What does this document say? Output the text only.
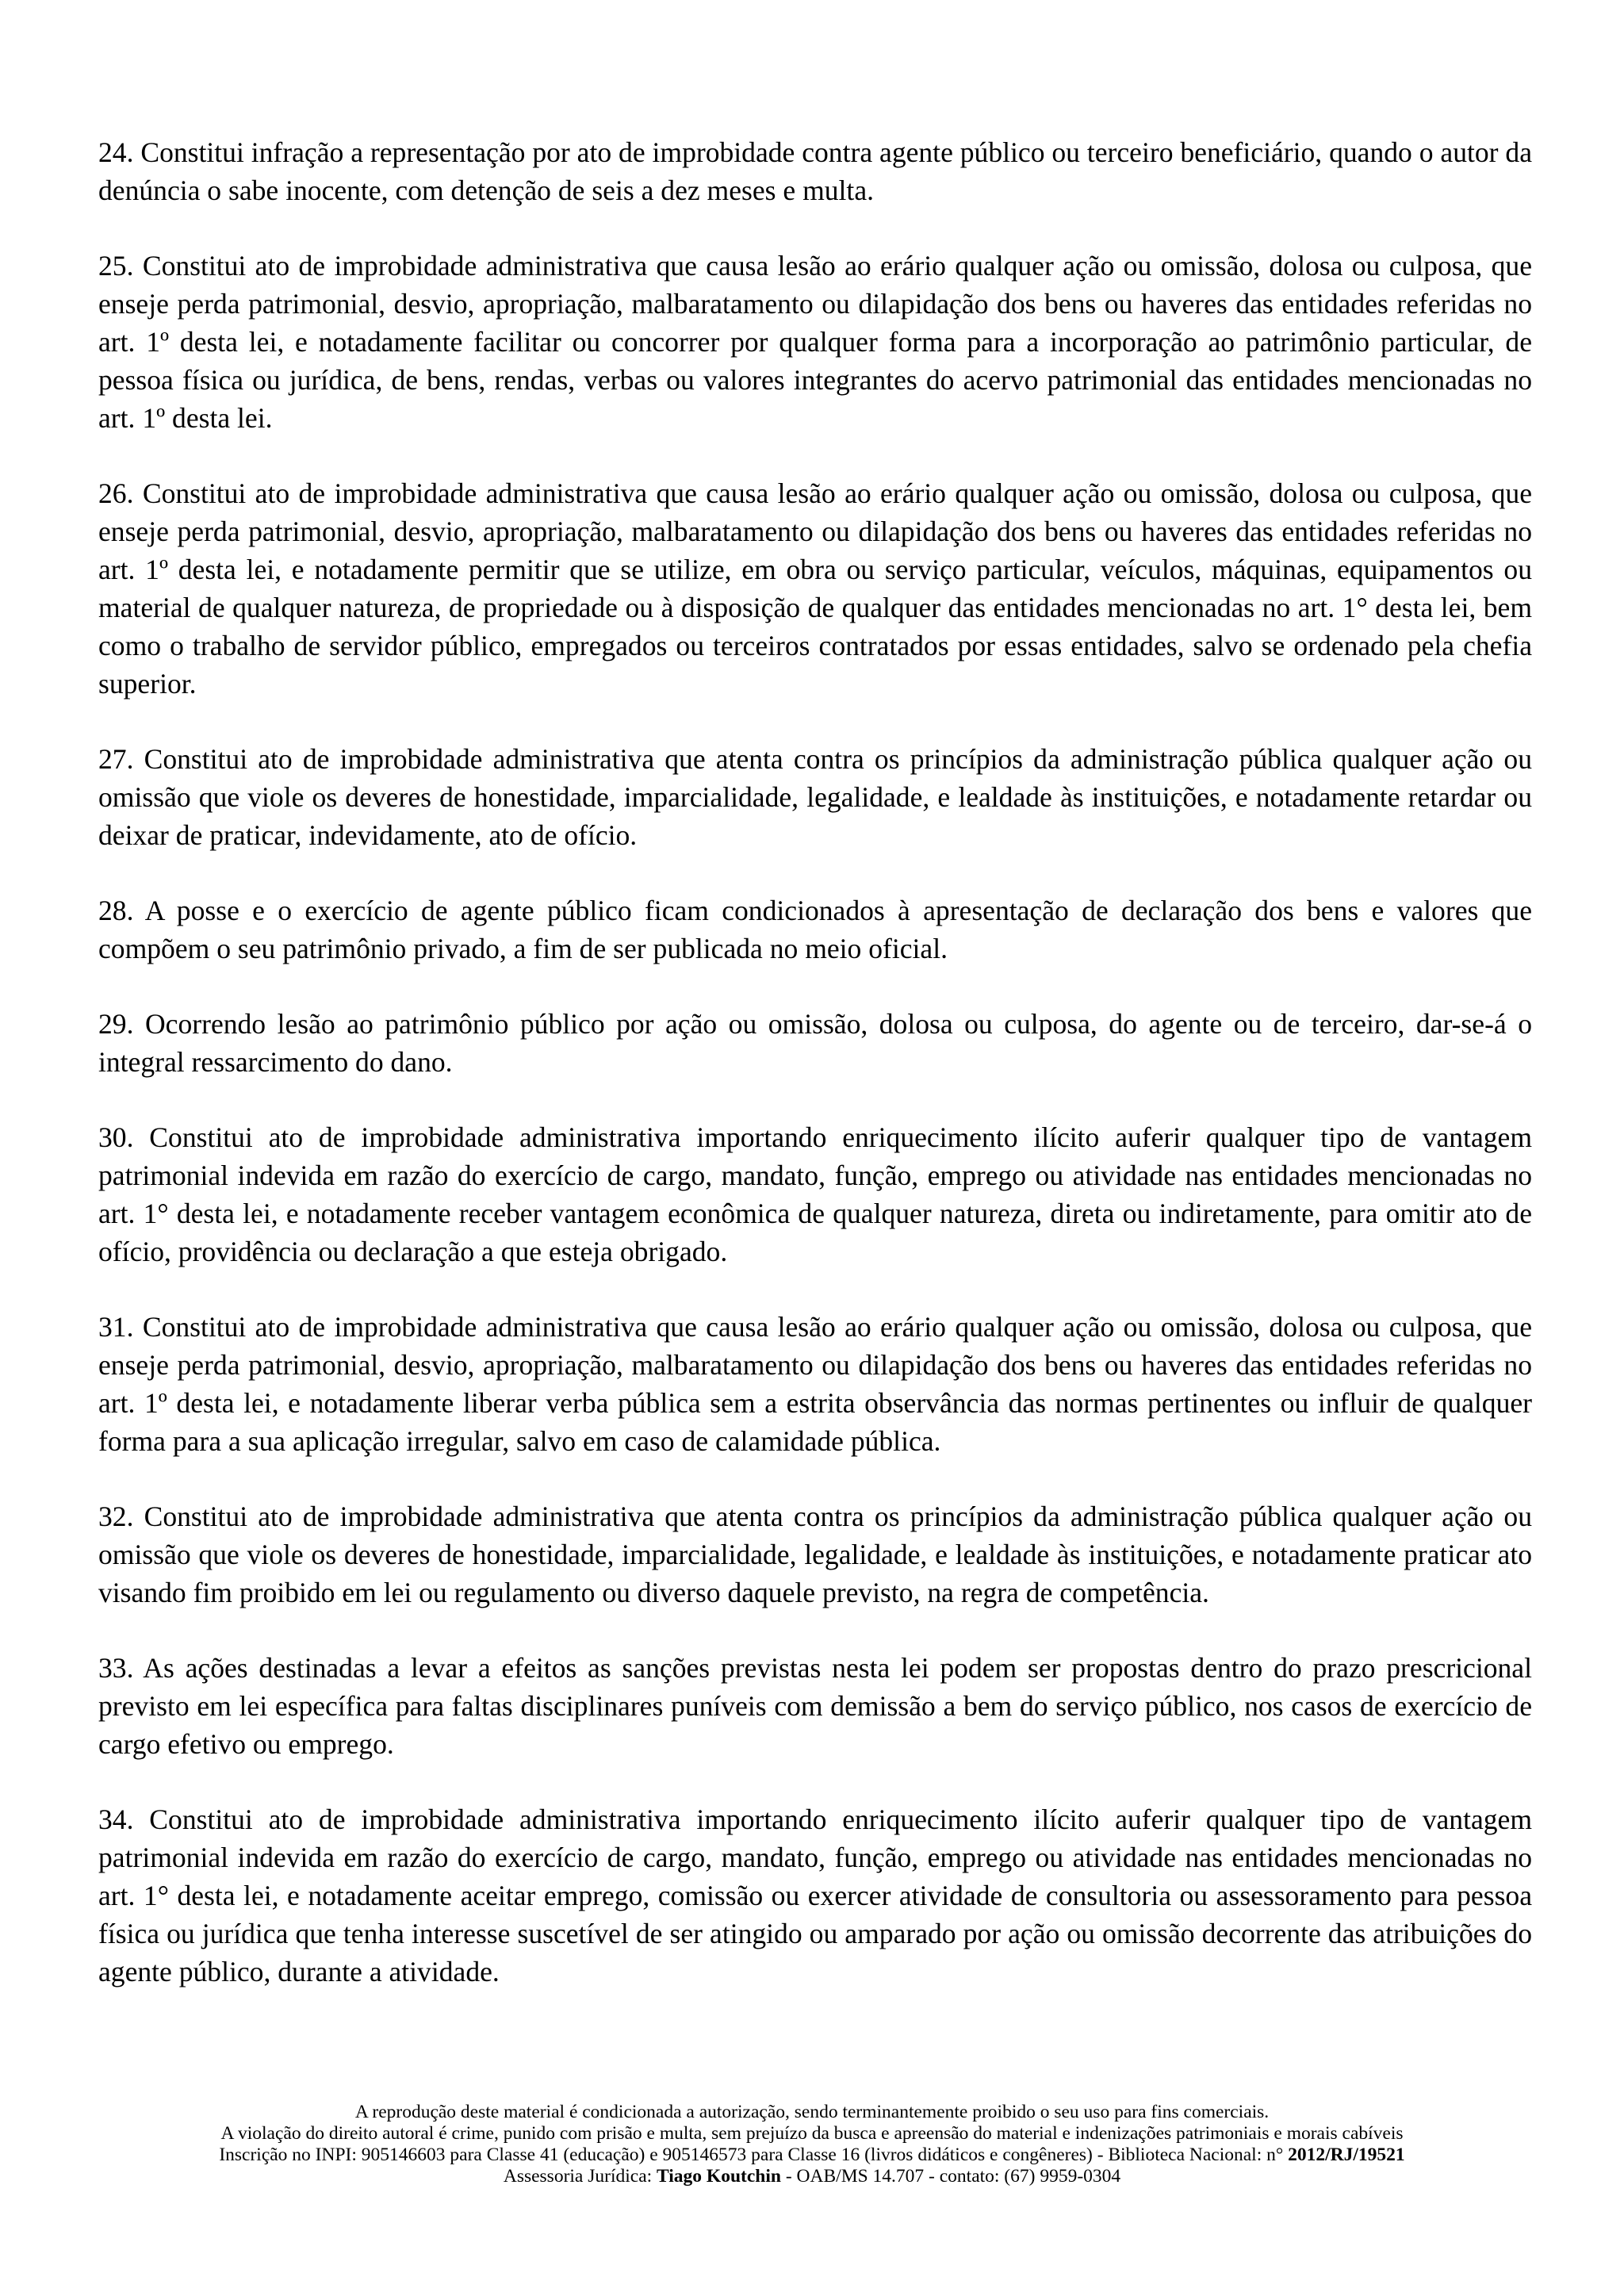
24. Constitui infração a representação por ato de improbidade contra agente público ou terceiro beneficiário, quando o autor da denúncia o sabe inocente, com detenção de seis a dez meses e multa.

25. Constitui ato de improbidade administrativa que causa lesão ao erário qualquer ação ou omissão, dolosa ou culposa, que enseje perda patrimonial, desvio, apropriação, malbaratamento ou dilapidação dos bens ou haveres das entidades referidas no art. 1º desta lei, e notadamente facilitar ou concorrer por qualquer forma para a incorporação ao patrimônio particular, de pessoa física ou jurídica, de bens, rendas, verbas ou valores integrantes do acervo patrimonial das entidades mencionadas no art. 1º desta lei.

26. Constitui ato de improbidade administrativa que causa lesão ao erário qualquer ação ou omissão, dolosa ou culposa, que enseje perda patrimonial, desvio, apropriação, malbaratamento ou dilapidação dos bens ou haveres das entidades referidas no art. 1º desta lei, e notadamente permitir que se utilize, em obra ou serviço particular, veículos, máquinas, equipamentos ou material de qualquer natureza, de propriedade ou à disposição de qualquer das entidades mencionadas no art. 1° desta lei, bem como o trabalho de servidor público, empregados ou terceiros contratados por essas entidades, salvo se ordenado pela chefia superior.

27. Constitui ato de improbidade administrativa que atenta contra os princípios da administração pública qualquer ação ou omissão que viole os deveres de honestidade, imparcialidade, legalidade, e lealdade às instituições, e notadamente retardar ou deixar de praticar, indevidamente, ato de ofício.

28. A posse e o exercício de agente público ficam condicionados à apresentação de declaração dos bens e valores que compõem o seu patrimônio privado, a fim de ser publicada no meio oficial.

29. Ocorrendo lesão ao patrimônio público por ação ou omissão, dolosa ou culposa, do agente ou de terceiro, dar-se-á o integral ressarcimento do dano.

30. Constitui ato de improbidade administrativa importando enriquecimento ilícito auferir qualquer tipo de vantagem patrimonial indevida em razão do exercício de cargo, mandato, função, emprego ou atividade nas entidades mencionadas no art. 1° desta lei, e notadamente receber vantagem econômica de qualquer natureza, direta ou indiretamente, para omitir ato de ofício, providência ou declaração a que esteja obrigado.

31. Constitui ato de improbidade administrativa que causa lesão ao erário qualquer ação ou omissão, dolosa ou culposa, que enseje perda patrimonial, desvio, apropriação, malbaratamento ou dilapidação dos bens ou haveres das entidades referidas no art. 1º desta lei, e notadamente liberar verba pública sem a estrita observância das normas pertinentes ou influir de qualquer forma para a sua aplicação irregular, salvo em caso de calamidade pública.

32. Constitui ato de improbidade administrativa que atenta contra os princípios da administração pública qualquer ação ou omissão que viole os deveres de honestidade, imparcialidade, legalidade, e lealdade às instituições, e notadamente praticar ato visando fim proibido em lei ou regulamento ou diverso daquele previsto, na regra de competência.

33. As ações destinadas a levar a efeitos as sanções previstas nesta lei podem ser propostas dentro do prazo prescricional previsto em lei específica para faltas disciplinares puníveis com demissão a bem do serviço público, nos casos de exercício de cargo efetivo ou emprego.

34. Constitui ato de improbidade administrativa importando enriquecimento ilícito auferir qualquer tipo de vantagem patrimonial indevida em razão do exercício de cargo, mandato, função, emprego ou atividade nas entidades mencionadas no art. 1° desta lei, e notadamente aceitar emprego, comissão ou exercer atividade de consultoria ou assessoramento para pessoa física ou jurídica que tenha interesse suscetível de ser atingido ou amparado por ação ou omissão decorrente das atribuições do agente público, durante a atividade.

A reprodução deste material é condicionada a autorização, sendo terminantemente proibido o seu uso para fins comerciais.
A violação do direito autoral é crime, punido com prisão e multa, sem prejuízo da busca e apreensão do material e indenizações patrimoniais e morais cabíveis
Inscrição no INPI: 905146603 para Classe 41 (educação) e 905146573 para Classe 16 (livros didáticos e congêneres) - Biblioteca Nacional: n° 2012/RJ/19521
Assessoria Jurídica: Tiago Koutchin - OAB/MS 14.707 - contato: (67) 9959-0304
